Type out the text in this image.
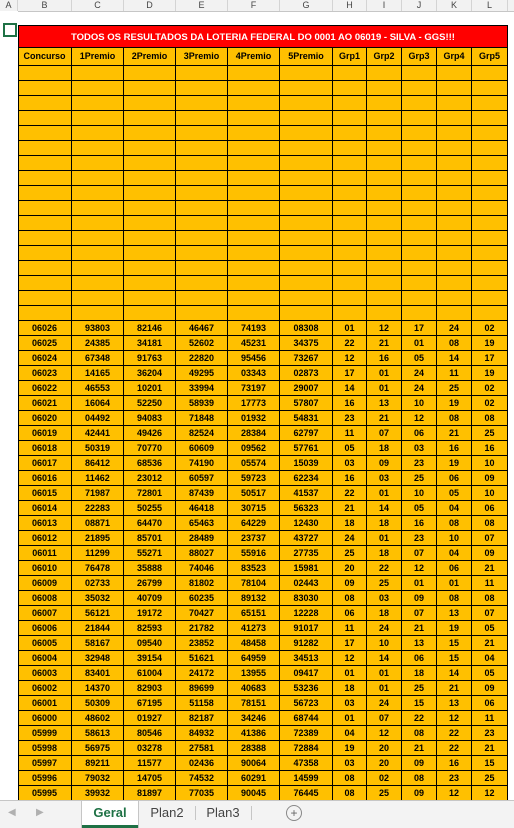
A	B	C	D	E	F	G	H	I	J	K	L
Concurso	1Premio	2Premio	3Premio	4Premio	5Premio	Grp1	Grp2	Grp3	Grp4	Grp5
06026	93803	82146	46467	74193	08308	01	12	17	24	02
06025	24385	34181	52602	45231	34375	22	21	01	08	19
06024	67348	91763	22820	95456	73267	12	16	05	14	17
06023	14165	36204	49295	03343	02873	17	01	24	11	19
06022	46553	10201	33994	73197	29007	14	01	24	25	02
06021	16064	52250	58939	17773	57807	16	13	10	19	02
06020	04492	94083	71848	01932	54831	23	21	12	08	08
06019	42441	49426	82524	28384	62797	11	07	06	21	25
06018	50319	70770	60609	09562	57761	05	18	03	16	16
06017	86412	68536	74190	05574	15039	03	09	23	19	10
06016	11462	23012	60597	59723	62234	16	03	25	06	09
06015	71987	72801	87439	50517	41537	22	01	10	05	10
06014	22283	50255	46418	30715	56323	21	14	05	04	06
06013	08871	64470	65463	64229	12430	18	18	16	08	08
06012	21895	85701	28489	23737	43727	24	01	23	10	07
06011	11299	55271	88027	55916	27735	25	18	07	04	09
06010	76478	35888	74046	83523	15981	20	22	12	06	21
06009	02733	26799	81802	78104	02443	09	25	01	01	11
06008	35032	40709	60235	89132	83030	08	03	09	08	08
06007	56121	19172	70427	65151	12228	06	18	07	13	07
06006	21844	82593	21782	41273	91017	11	24	21	19	05
06005	58167	09540	23852	48458	91282	17	10	13	15	21
06004	32948	39154	51621	64959	34513	12	14	06	15	04
06003	83401	61004	24172	13955	09417	01	01	18	14	05
06002	14370	82903	89699	40683	53236	18	01	25	21	09
06001	50309	67195	51158	78151	56723	03	24	15	13	06
06000	48602	01927	82187	34246	68744	01	07	22	12	11
05999	58613	80546	84932	41386	72389	04	12	08	22	23
05998	56975	03278	27581	28388	72884	19	20	21	22	21
05997	89211	11577	02436	90064	47358	03	20	09	16	15
05996	79032	14705	74532	60291	14599	08	02	08	23	25
05995	39932	81897	77035	90045	76445	08	25	09	12	12
TODOS OS RESULTADOS DA LOTERIA FEDERAL DO 0001 AO 06019 - SILVA - GGS!!!
◀ ▶	Geral	Plan2	Plan3	+
